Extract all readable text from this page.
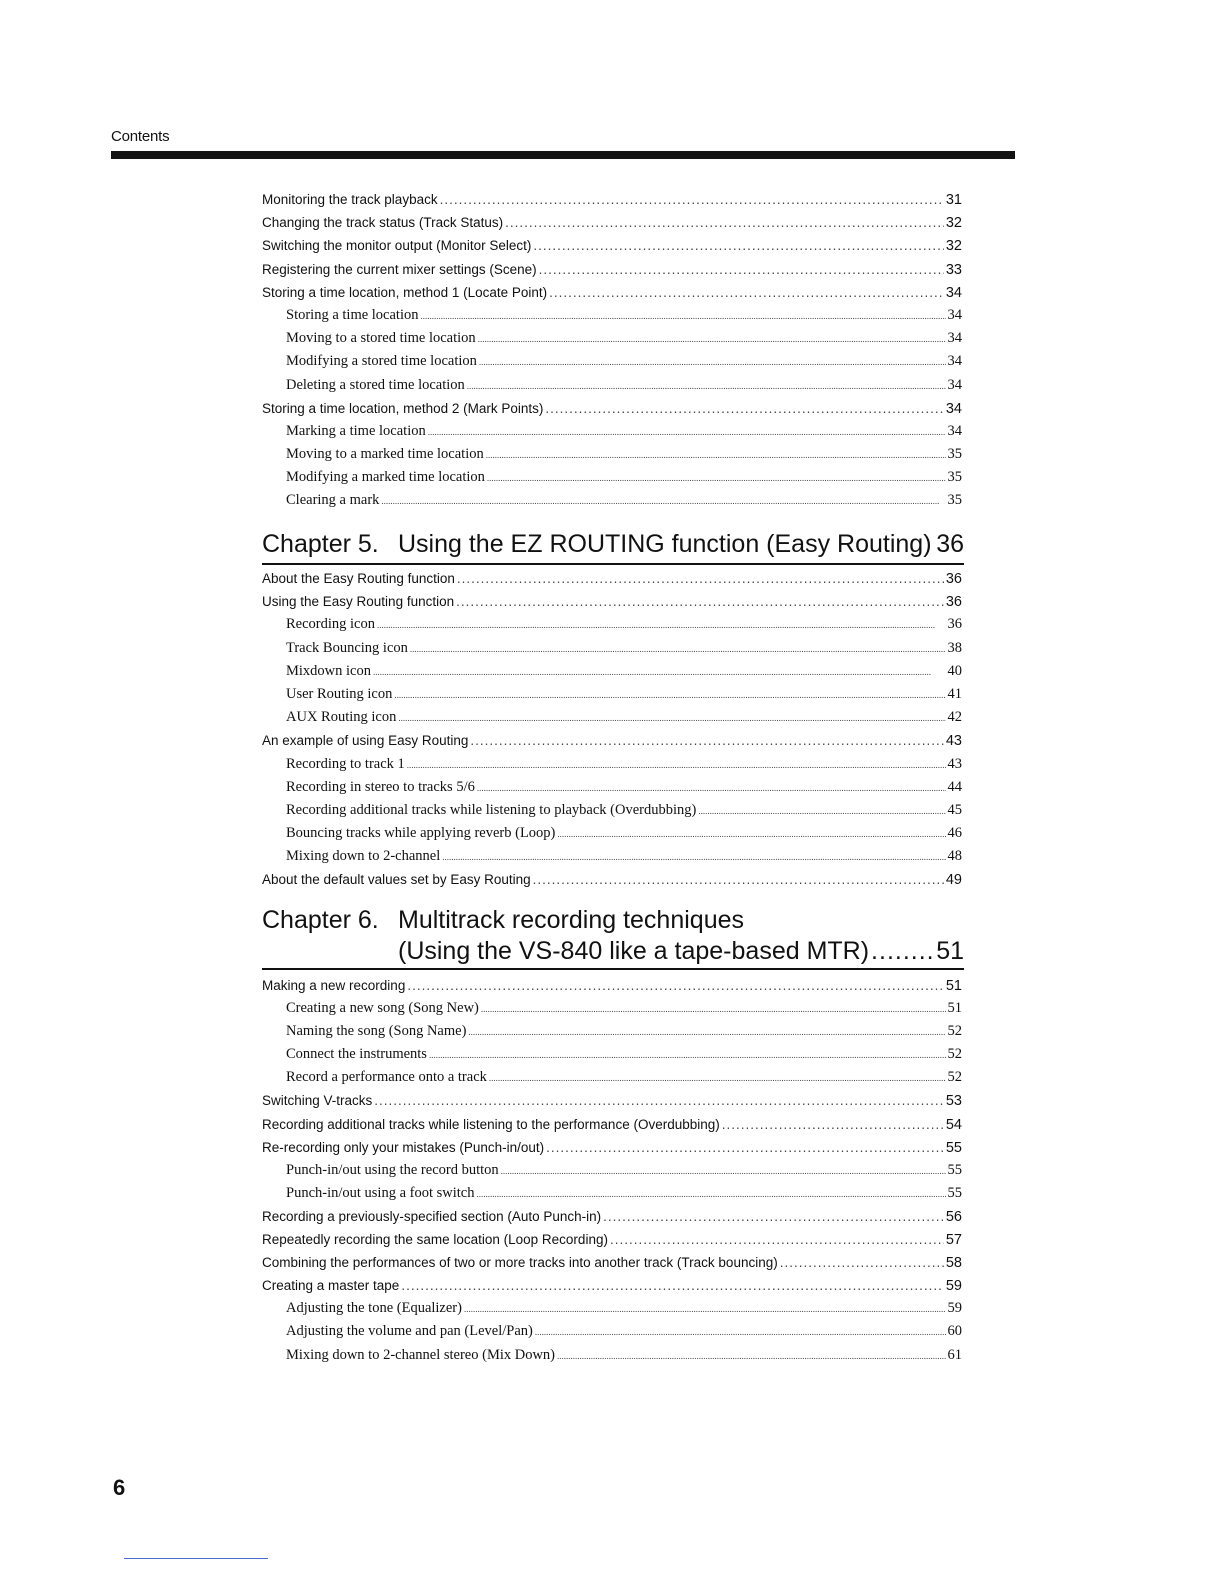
Contents
Monitoring the track playback .....	31
Changing the track status (Track Status) .....	32
Switching the monitor output (Monitor Select) .....	32
Registering the current mixer settings (Scene) .....	33
Storing a time location, method 1 (Locate Point) .....	34
Storing a time location .....	34
Moving to a stored time location .....	34
Modifying a stored time location .....	34
Deleting a stored time location .....	34
Storing a time location, method 2 (Mark Points) .....	34
Marking a time location .....	34
Moving to a marked time location .....	35
Modifying a marked time location .....	35
Clearing a mark .....	35
Chapter 5. Using the EZ ROUTING function (Easy Routing) ..... 36
About the Easy Routing function .....	36
Using the Easy Routing function .....	36
Recording icon .....	36
Track Bouncing icon .....	38
Mixdown icon .....	40
User Routing icon .....	41
AUX Routing icon .....	42
An example of using Easy Routing .....	43
Recording to track 1 .....	43
Recording in stereo to tracks 5/6 .....	44
Recording additional tracks while listening to playback (Overdubbing) .....	45
Bouncing tracks while applying reverb (Loop) .....	46
Mixing down to 2-channel .....	48
About the default values set by Easy Routing .....	49
Chapter 6. Multitrack recording techniques
(Using the VS-840 like a tape-based MTR) .....	51
Making a new recording .....	51
Creating a new song (Song New) .....	51
Naming the song (Song Name) .....	52
Connect the instruments .....	52
Record a performance onto a track .....	52
Switching V-tracks .....	53
Recording additional tracks while listening to the performance (Overdubbing) .....	54
Re-recording only your mistakes (Punch-in/out) .....	55
Punch-in/out using the record button .....	55
Punch-in/out using a foot switch .....	55
Recording a previously-specified section (Auto Punch-in) .....	56
Repeatedly recording the same location (Loop Recording) .....	57
Combining the performances of two or more tracks into another track (Track bouncing) .....	58
Creating a master tape .....	59
Adjusting the tone (Equalizer) .....	59
Adjusting the volume and pan (Level/Pan) .....	60
Mixing down to 2-channel stereo (Mix Down) .....	61
6
